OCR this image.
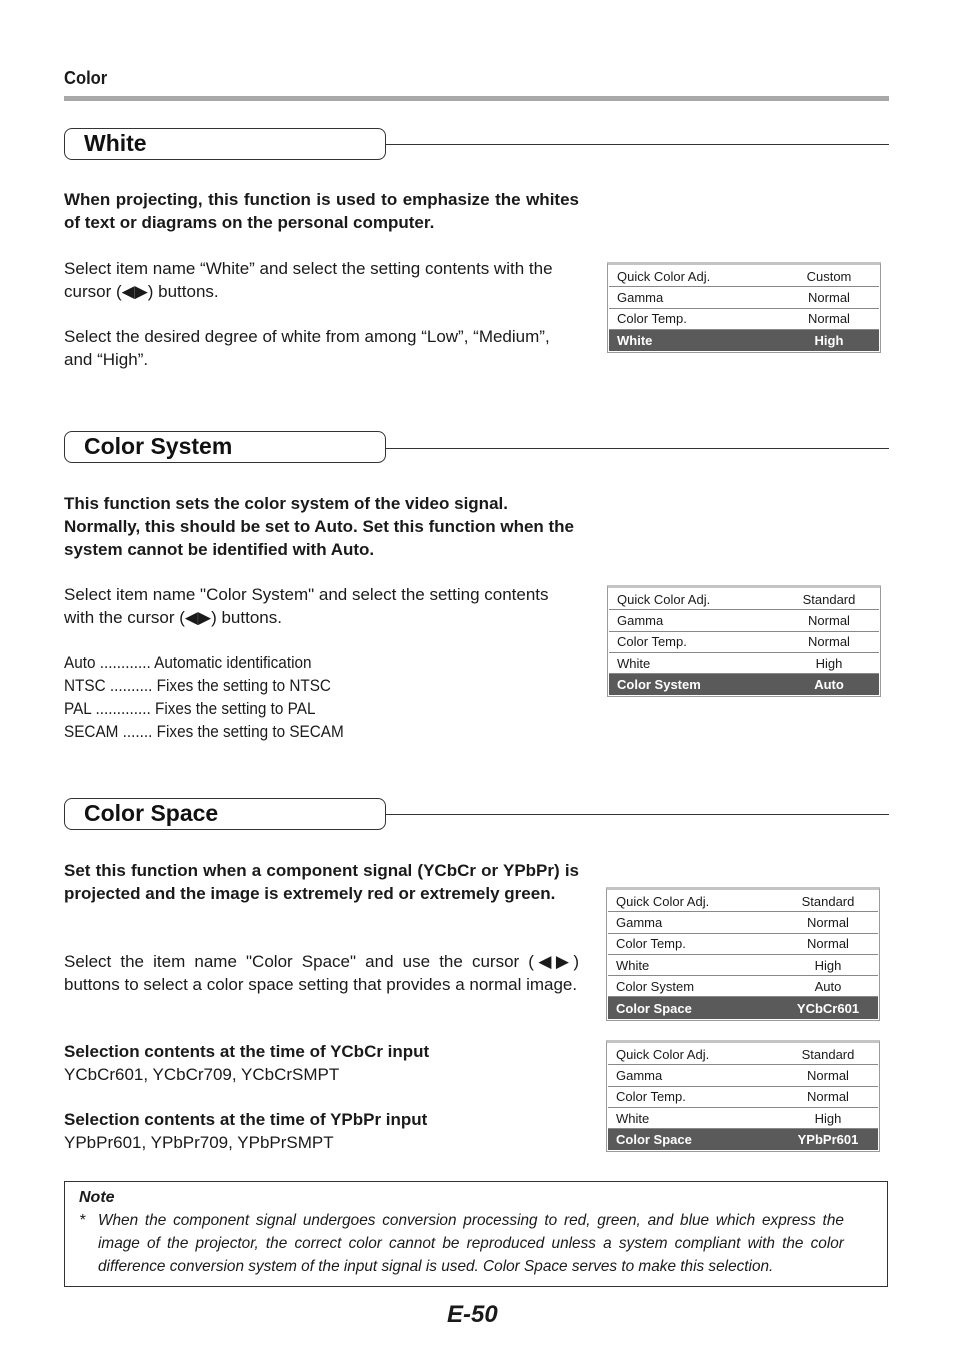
Color
White
When projecting, this function is used to emphasize the whites of text or diagrams on the personal computer.
Select item name “White” and select the setting contents with the cursor (◀▶) buttons.
Select the desired degree of white from among “Low”, “Medium”, and “High”.
Quick Color Adj.	Custom
Gamma	Normal
Color Temp.	Normal
White	High
Color System
This function sets the color system of the video signal. Normally, this should be set to Auto. Set this function when the system cannot be identified with Auto.
Select item name "Color System" and select the setting contents with the cursor (◀▶) buttons.
Auto ............ Automatic identification
NTSC .......... Fixes the setting to NTSC
PAL ............. Fixes the setting to PAL
SECAM ....... Fixes the setting to SECAM
Quick Color Adj.	Standard
Gamma	Normal
Color Temp.	Normal
White	High
Color System	Auto
Color Space
Set this function when a component signal (YCbCr or YPbPr) is projected and the image is extremely red or extremely green.
Select the item name "Color Space" and use the cursor (◀▶) buttons to select a color space setting that provides a normal image.
Selection contents at the time of YCbCr input
YCbCr601, YCbCr709, YCbCrSMPT
Selection contents at the time of YPbPr input
YPbPr601, YPbPr709, YPbPrSMPT
Quick Color Adj.	Standard
Gamma	Normal
Color Temp.	Normal
White	High
Color System	Auto
Color Space	YCbCr601
Quick Color Adj.	Standard
Gamma	Normal
Color Temp.	Normal
White	High
Color Space	YPbPr601
Note
* When the component signal undergoes conversion processing to red, green, and blue which express the image of the projector, the correct color cannot be reproduced unless a system compliant with the color difference conversion system of the input signal is used. Color Space serves to make this selection.
E-50
